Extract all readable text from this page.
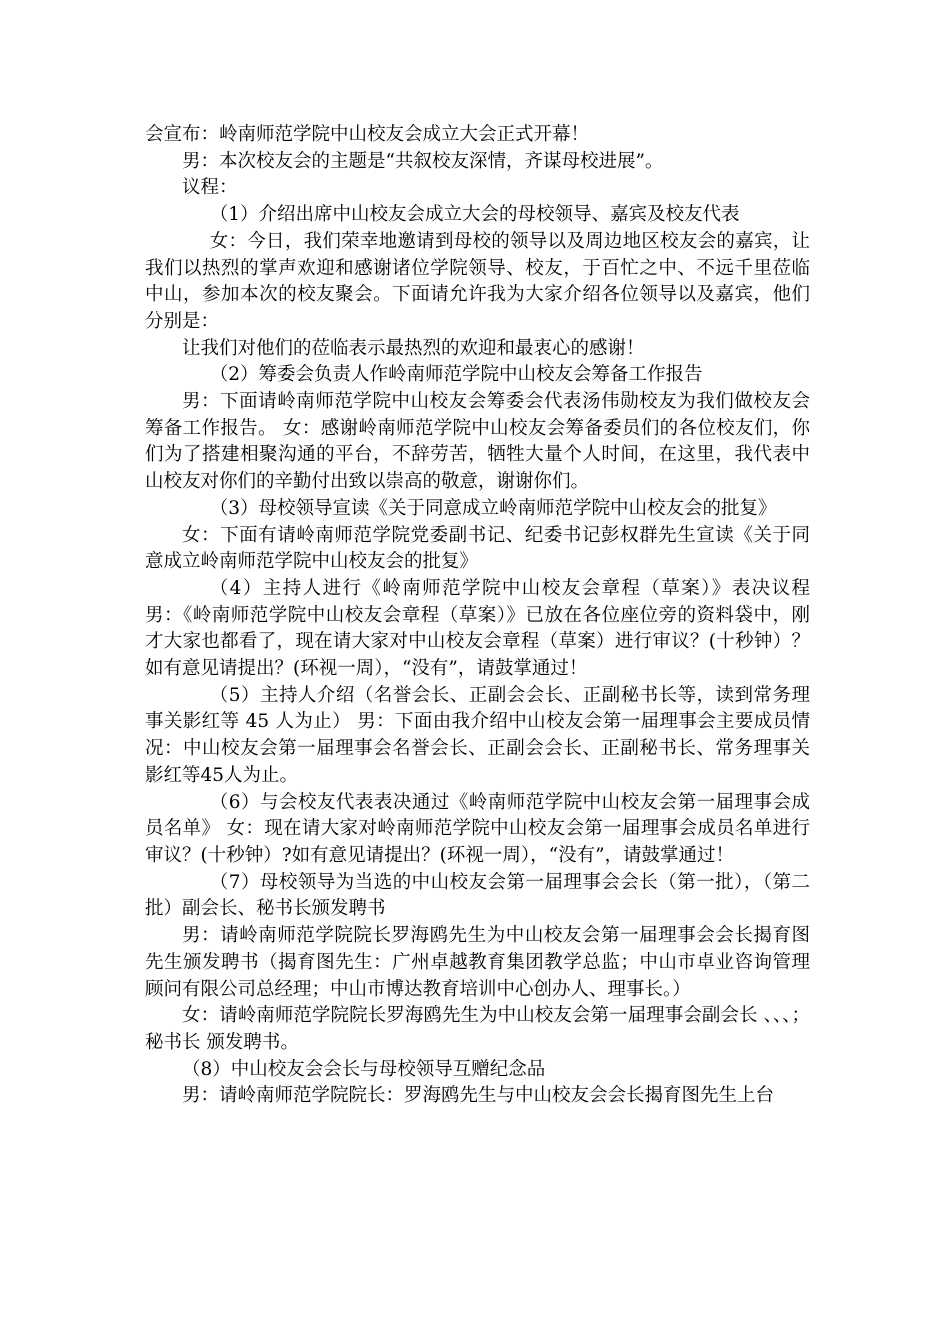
会宣布：岭南师范学院中山校友会成立大会正式开幕！

男：本次校友会的主题是“共叙校友深情，齐谋母校进展”。

议程：

（1）介绍出席中山校友会成立大会的母校领导、嘉宾及校友代表

女：今日，我们荣幸地邀请到母校的领导以及周边地区校友会的嘉宾，让我们以热烈的掌声欢迎和感谢诸位学院领导、校友，于百忙之中、不远千里莅临中山，参加本次的校友聚会。下面请允许我为大家介绍各位领导以及嘉宾，他们分别是：

让我们对他们的莅临表示最热烈的欢迎和最衷心的感谢！

（2）筹委会负责人作岭南师范学院中山校友会筹备工作报告

男：下面请岭南师范学院中山校友会筹委会代表汤伟勋校友为我们做校友会筹备工作报告。 女：感谢岭南师范学院中山校友会筹备委员们的各位校友们，你们为了搭建相聚沟通的平台，不辞劳苦，牺牲大量个人时间，在这里，我代表中山校友对你们的辛勤付出致以崇高的敬意，谢谢你们。

（3）母校领导宣读《关于同意成立岭南师范学院中山校友会的批复》

女：下面有请岭南师范学院党委副书记、纪委书记彭权群先生宣读《关于同意成立岭南师范学院中山校友会的批复》

（4）主持人进行《岭南师范学院中山校友会章程（草案）》表决议程 男：《岭南师范学院中山校友会章程（草案）》已放在各位座位旁的资料袋中，刚才大家也都看了，现在请大家对中山校友会章程（草案）进行审议？(十秒钟）？ 如有意见请提出？(环视一周），“没有”，请鼓掌通过！

（5）主持人介绍（名誉会长、正副会会长、正副秘书长等，读到常务理事关影红等 45 人为止） 男：下面由我介绍中山校友会第一届理事会主要成员情况：中山校友会第一届理事会名誉会长、正副会会长、正副秘书长、常务理事关影红等45人为止。

（6）与会校友代表表决通过《岭南师范学院中山校友会第一届理事会成员名单》 女：现在请大家对岭南师范学院中山校友会第一届理事会成员名单进行审议？(十秒钟）?如有意见请提出？(环视一周），“没有”，请鼓掌通过！

（7）母校领导为当选的中山校友会第一届理事会会长（第一批），（第二批）副会长、秘书长颁发聘书

男：请岭南师范学院院长罗海鸥先生为中山校友会第一届理事会会长揭育图先生颁发聘书（揭育图先生：广州卓越教育集团教学总监；中山市卓业咨询管理顾问有限公司总经理；中山市博达教育培训中心创办人、理事长。）

女：请岭南师范学院院长罗海鸥先生为中山校友会第一届理事会副会长 、、、；秘书长 颁发聘书。

（8）中山校友会会长与母校领导互赠纪念品

男：请岭南师范学院院长：罗海鸥先生与中山校友会会长揭育图先生上台
